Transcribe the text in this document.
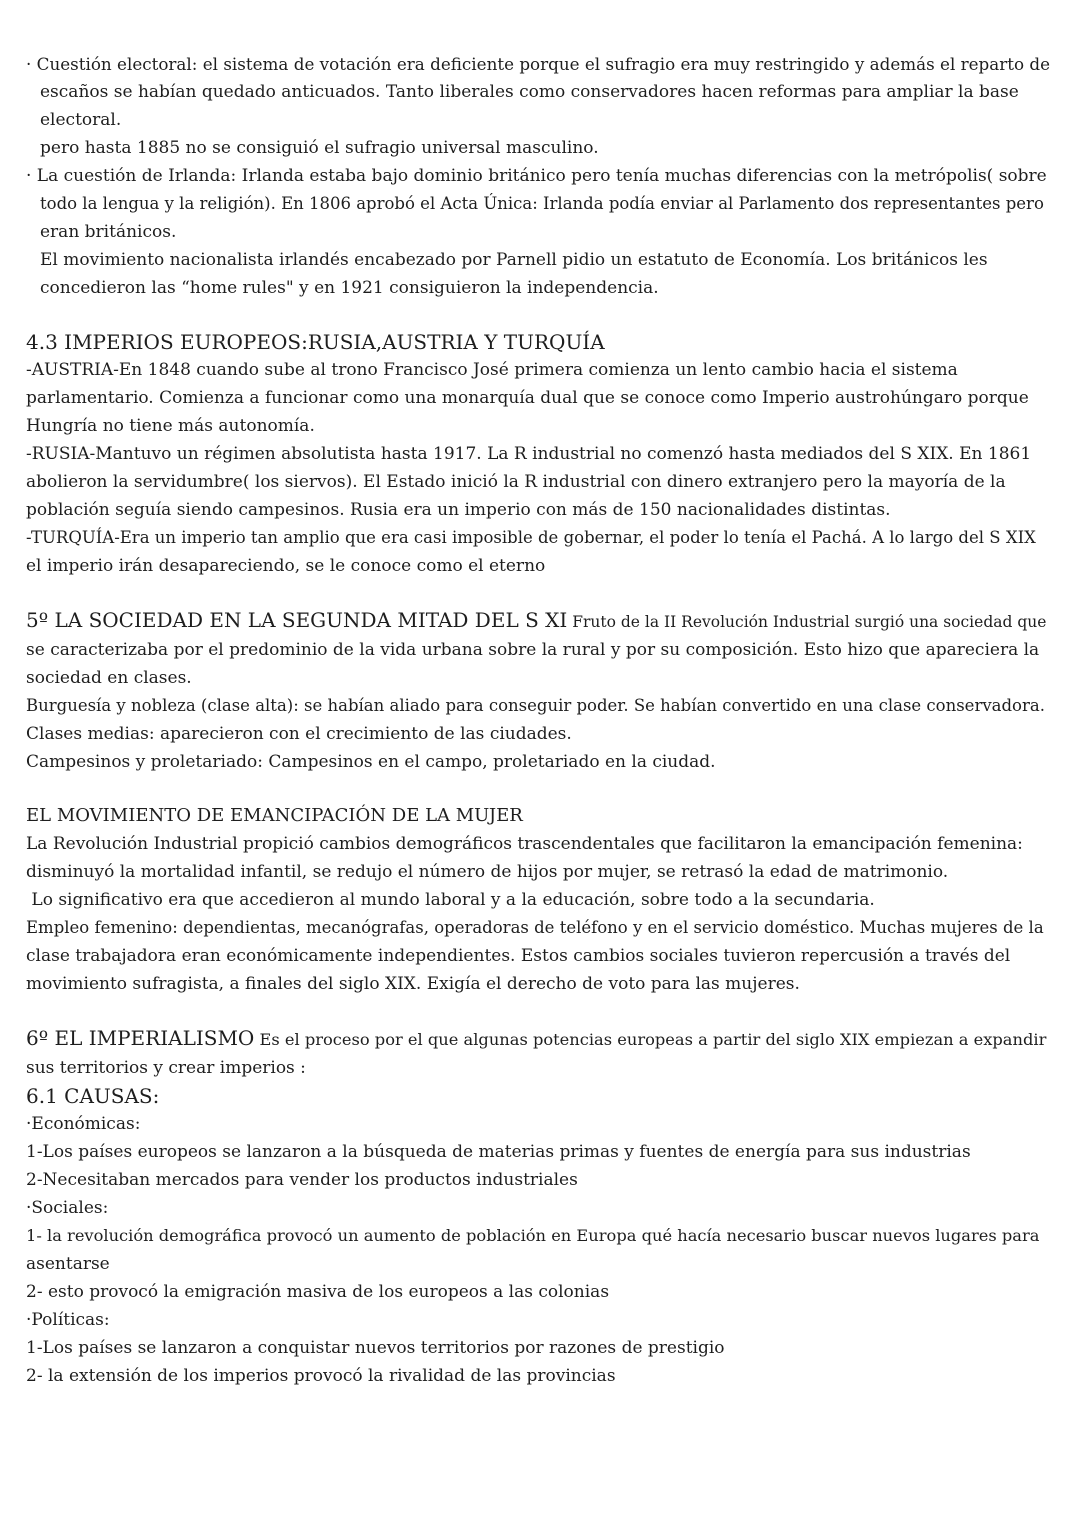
· Cuestión electoral: el sistema de votación era deficiente porque el sufragio era muy restringido y además el reparto de
escaños se habían quedado anticuados. Tanto liberales como conservadores hacen reformas para ampliar la base
electoral.
pero hasta 1885 no se consiguió el sufragio universal masculino.
· La cuestión de Irlanda: Irlanda estaba bajo dominio británico pero tenía muchas diferencias con la metrópolis( sobre
todo la lengua y la religión). En 1806 aprobó el Acta Única: Irlanda podía enviar al Parlamento dos representantes pero
eran británicos.
El movimiento nacionalista irlandés encabezado por Parnell pidio un estatuto de Economía. Los británicos les
concedieron las “home rules" y en 1921 consiguieron la independencia.
4.3 IMPERIOS EUROPEOS:RUSIA,AUSTRIA Y TURQUÍA
-AUSTRIA-En 1848 cuando sube al trono Francisco José primera comienza un lento cambio hacia el sistema
parlamentario. Comienza a funcionar como una monarquía dual que se conoce como Imperio austrohúngaro porque
Hungría no tiene más autonomía.
-RUSIA-Mantuvo un régimen absolutista hasta 1917. La R industrial no comenzó hasta mediados del S XIX. En 1861
abolieron la servidumbre( los siervos). El Estado inició la R industrial con dinero extranjero pero la mayoría de la
población seguía siendo campesinos. Rusia era un imperio con más de 150 nacionalidades distintas.
-TURQUÍA-Era un imperio tan amplio que era casi imposible de gobernar, el poder lo tenía el Pachá. A lo largo del S XIX
el imperio irán desapareciendo, se le conoce como el eterno
5º LA SOCIEDAD EN LA SEGUNDA MITAD DEL S XI Fruto de la II Revolución Industrial surgió una sociedad que
se caracterizaba por el predominio de la vida urbana sobre la rural y por su composición. Esto hizo que apareciera la
sociedad en clases.
Burguesía y nobleza (clase alta): se habían aliado para conseguir poder. Se habían convertido en una clase conservadora.
Clases medias: aparecieron con el crecimiento de las ciudades.
Campesinos y proletariado: Campesinos en el campo, proletariado en la ciudad.
EL MOVIMIENTO DE EMANCIPACIÓN DE LA MUJER
La Revolución Industrial propició cambios demográficos trascendentales que facilitaron la emancipación femenina:
disminuyó la mortalidad infantil, se redujo el número de hijos por mujer, se retrasó la edad de matrimonio.
Lo significativo era que accedieron al mundo laboral y a la educación, sobre todo a la secundaria.
Empleo femenino: dependientas, mecanógrafas, operadoras de teléfono y en el servicio doméstico. Muchas mujeres de la
clase trabajadora eran económicamente independientes. Estos cambios sociales tuvieron repercusión a través del
movimiento sufragista, a finales del siglo XIX. Exigía el derecho de voto para las mujeres.
6º EL IMPERIALISMO Es el proceso por el que algunas potencias europeas a partir del siglo XIX empiezan a expandir
sus territorios y crear imperios :
6.1 CAUSAS:
·Económicas:
1-Los países europeos se lanzaron a la búsqueda de materias primas y fuentes de energía para sus industrias
2-Necesitaban mercados para vender los productos industriales
·Sociales:
1- la revolución demográfica provocó un aumento de población en Europa qué hacía necesario buscar nuevos lugares para
asentarse
2- esto provocó la emigración masiva de los europeos a las colonias
·Políticas:
1-Los países se lanzaron a conquistar nuevos territorios por razones de prestigio
2- la extensión de los imperios provocó la rivalidad de las provincias
